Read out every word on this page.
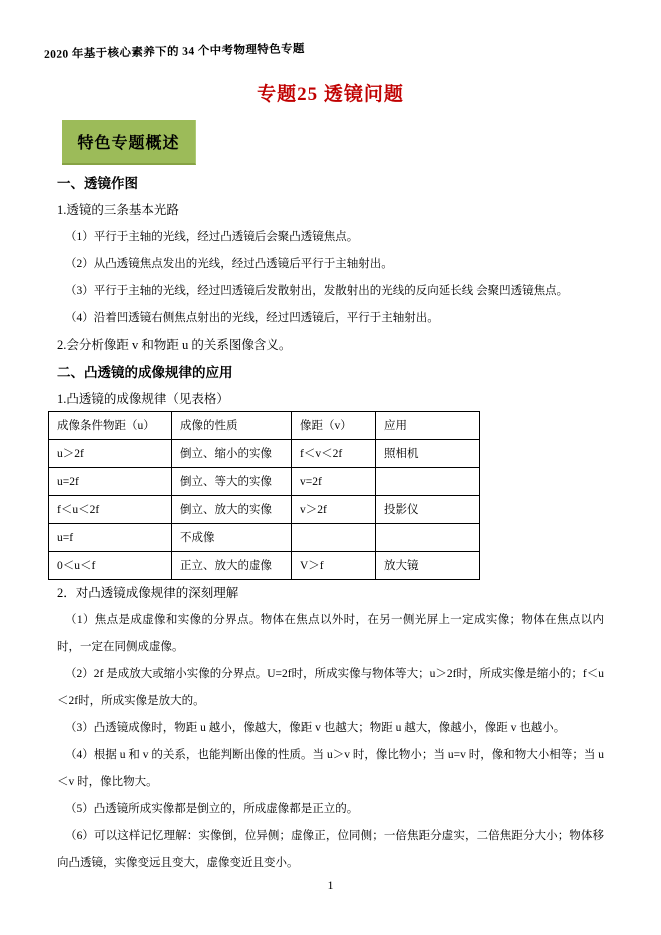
2020 年基于核心素养下的 34 个中考物理特色专题
专题25 透镜问题
特色专题概述

一、透镜作图

1.透镜的三条基本光路

（1）平行于主轴的光线，经过凸透镜后会聚凸透镜焦点。

（2）从凸透镜焦点发出的光线，经过凸透镜后平行于主轴射出。

（3）平行于主轴的光线，经过凹透镜后发散射出，发散射出的光线的反向延长线 会聚凹透镜焦点。

（4）沿着凹透镜右侧焦点射出的光线，经过凹透镜后，平行于主轴射出。

2.会分析像距 v 和物距 u 的关系图像含义。

二、凸透镜的成像规律的应用

1.凸透镜的成像规律（见表格）

成像条件物距（u）	成像的性质	像距（v）	应用
u＞2f	倒立、缩小的实像	f＜v＜2f	照相机
u=2f	倒立、等大的实像	v=2f	
f＜u＜2f	倒立、放大的实像	v＞2f	投影仪
u=f	不成像		
0＜u＜f	正立、放大的虚像	V＞f	放大镜

2．对凸透镜成像规律的深刻理解

（1）焦点是成虚像和实像的分界点。物体在焦点以外时，在另一侧光屏上一定成实像；物体在焦点以内时，一定在同侧成虚像。

（2）2f 是成放大或缩小实像的分界点。U=2f时，所成实像与物体等大；u＞2f时，所成实像是缩小的；f＜u＜2f时，所成实像是放大的。

（3）凸透镜成像时，物距 u 越小，像越大，像距 v 也越大；物距 u 越大，像越小，像距 v 也越小。

（4）根据 u 和 v 的关系，也能判断出像的性质。当 u＞v 时，像比物小；当 u=v 时，像和物大小相等；当 u＜v 时，像比物大。

（5）凸透镜所成实像都是倒立的，所成虚像都是正立的。

（6）可以这样记忆理解：实像倒，位异侧；虚像正，位同侧；一倍焦距分虚实，二倍焦距分大小；物体移向凸透镜，实像变远且变大，虚像变近且变小。

1
